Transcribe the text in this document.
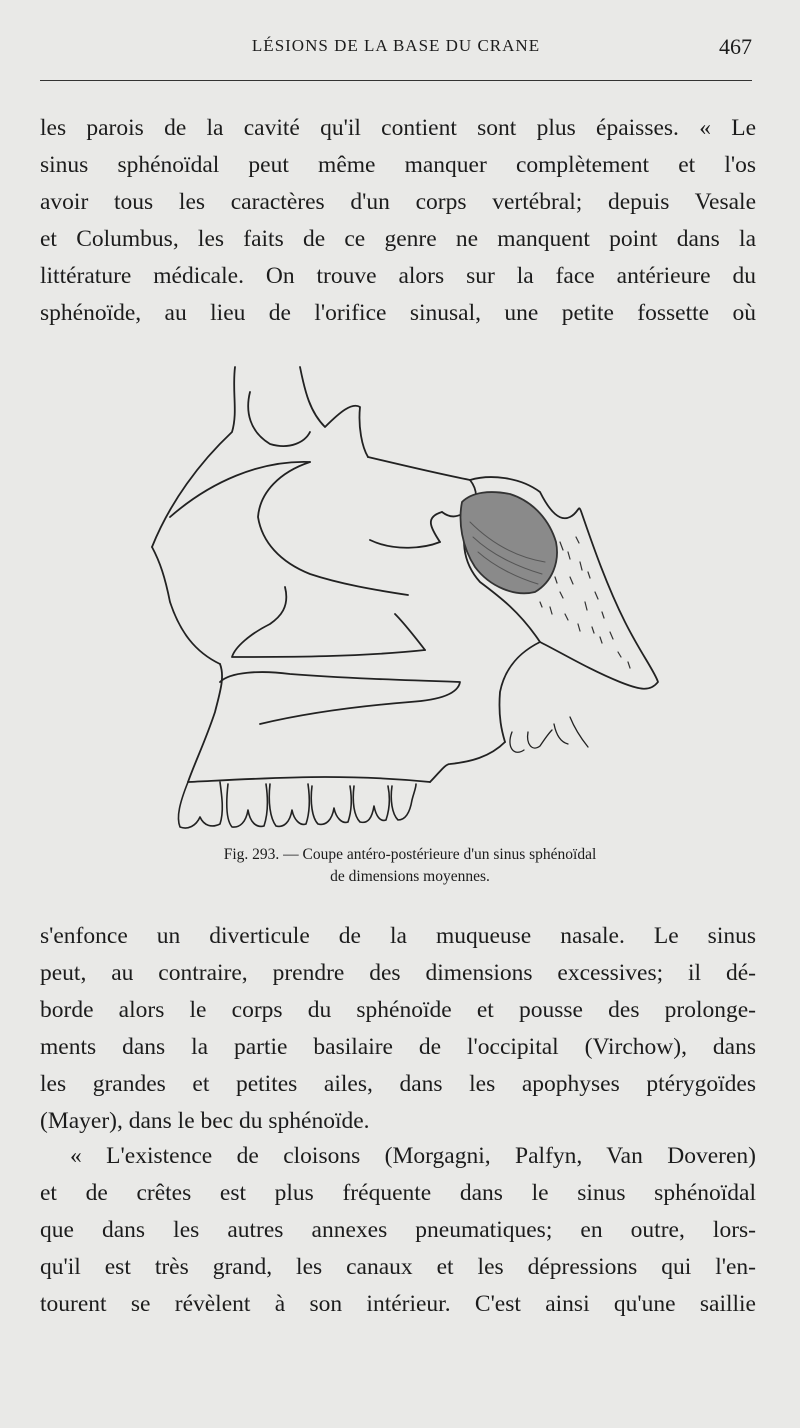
LÉSIONS DE LA BASE DU CRANE	467

les parois de la cavité qu'il contient sont plus épaisses. « Le
sinus sphénoïdal peut même manquer complètement et l'os
avoir tous les caractères d'un corps vertébral; depuis Vesale
et Columbus, les faits de ce genre ne manquent point dans la
littérature médicale. On trouve alors sur la face antérieure du
sphénoïde, au lieu de l'orifice sinusal, une petite fossette où

Fig. 293. — Coupe antéro-postérieure d'un sinus sphénoïdal
de dimensions moyennes.

s'enfonce un diverticule de la muqueuse nasale. Le sinus
peut, au contraire, prendre des dimensions excessives; il dé-
borde alors le corps du sphénoïde et pousse des prolonge-
ments dans la partie basilaire de l'occipital (Virchow), dans
les grandes et petites ailes, dans les apophyses ptérygoïdes
(Mayer), dans le bec du sphénoïde.

« L'existence de cloisons (Morgagni, Palfyn, Van Doveren)
et de crêtes est plus fréquente dans le sinus sphénoïdal
que dans les autres annexes pneumatiques; en outre, lors-
qu'il est très grand, les canaux et les dépressions qui l'en-
tourent se révèlent à son intérieur. C'est ainsi qu'une saillie
